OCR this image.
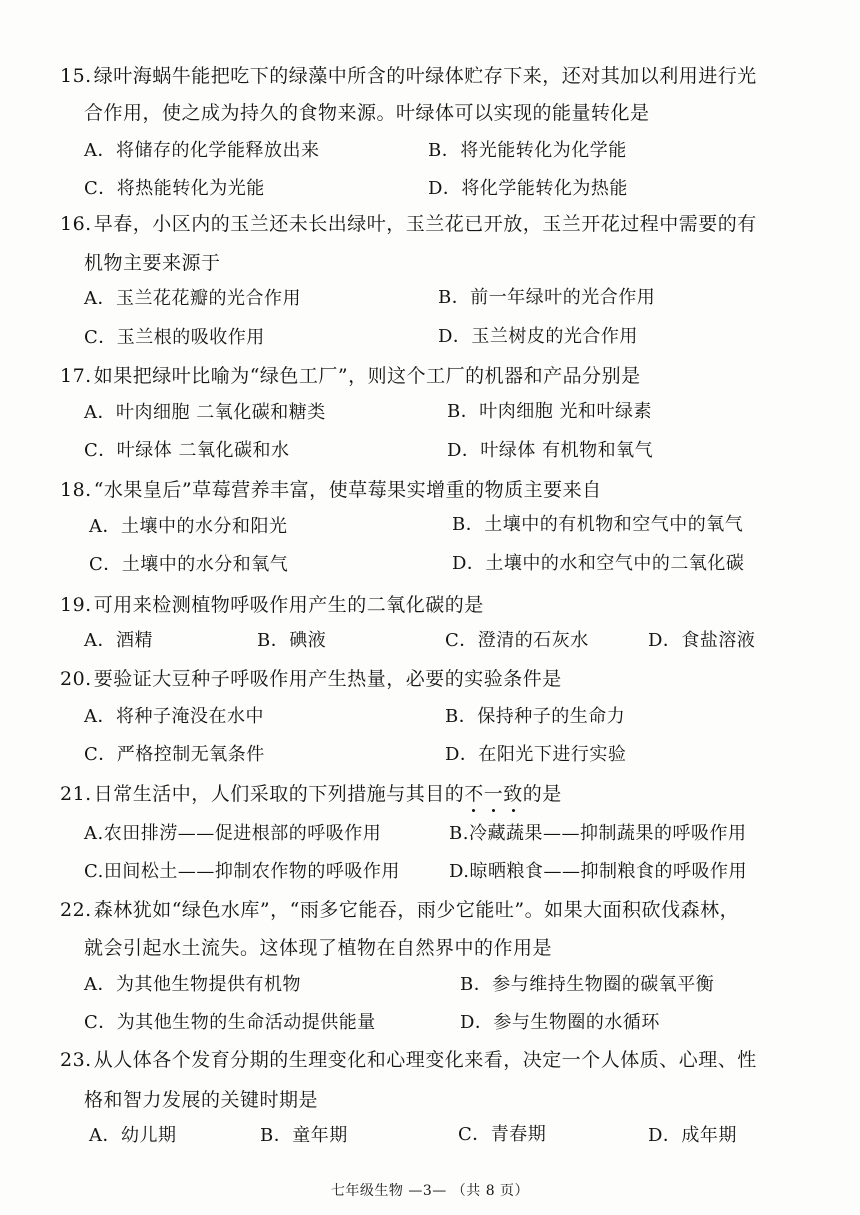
15. 绿叶海蜗牛能把吃下的绿藻中所含的叶绿体贮存下来，还对其加以利用进行光
合作用，使之成为持久的食物来源。叶绿体可以实现的能量转化是
A．将储存的化学能释放出来	B．将光能转化为化学能
C．将热能转化为光能	D．将化学能转化为热能
16. 早春，小区内的玉兰还未长出绿叶，玉兰花已开放，玉兰开花过程中需要的有
机物主要来源于
A．玉兰花花瓣的光合作用	B．前一年绿叶的光合作用
C．玉兰根的吸收作用	D．玉兰树皮的光合作用
17. 如果把绿叶比喻为“绿色工厂”，则这个工厂的机器和产品分别是
A．叶肉细胞 二氧化碳和糖类	B．叶肉细胞 光和叶绿素
C．叶绿体 二氧化碳和水	D．叶绿体 有机物和氧气
18. “水果皇后”草莓营养丰富，使草莓果实增重的物质主要来自
A．土壤中的水分和阳光	B．土壤中的有机物和空气中的氧气
C．土壤中的水分和氧气	D．土壤中的水和空气中的二氧化碳
19. 可用来检测植物呼吸作用产生的二氧化碳的是
A．酒精	B．碘液	C．澄清的石灰水	D．食盐溶液
20. 要验证大豆种子呼吸作用产生热量，必要的实验条件是
A．将种子淹没在水中	B．保持种子的生命力
C．严格控制无氧条件	D．在阳光下进行实验
21. 日常生活中，人们采取的下列措施与其目的不一致的是
A.农田排涝——促进根部的呼吸作用	B.冷藏蔬果——抑制蔬果的呼吸作用
C.田间松土——抑制农作物的呼吸作用	D.晾晒粮食——抑制粮食的呼吸作用
22. 森林犹如“绿色水库”，“雨多它能吞，雨少它能吐”。如果大面积砍伐森林，
就会引起水土流失。这体现了植物在自然界中的作用是
A．为其他生物提供有机物	B．参与维持生物圈的碳氧平衡
C．为其他生物的生命活动提供能量	D．参与生物圈的水循环
23. 从人体各个发育分期的生理变化和心理变化来看，决定一个人体质、心理、性
格和智力发展的关键时期是
A．幼儿期	B．童年期	C．青春期	D．成年期
七年级生物 —3— （共 8 页）
